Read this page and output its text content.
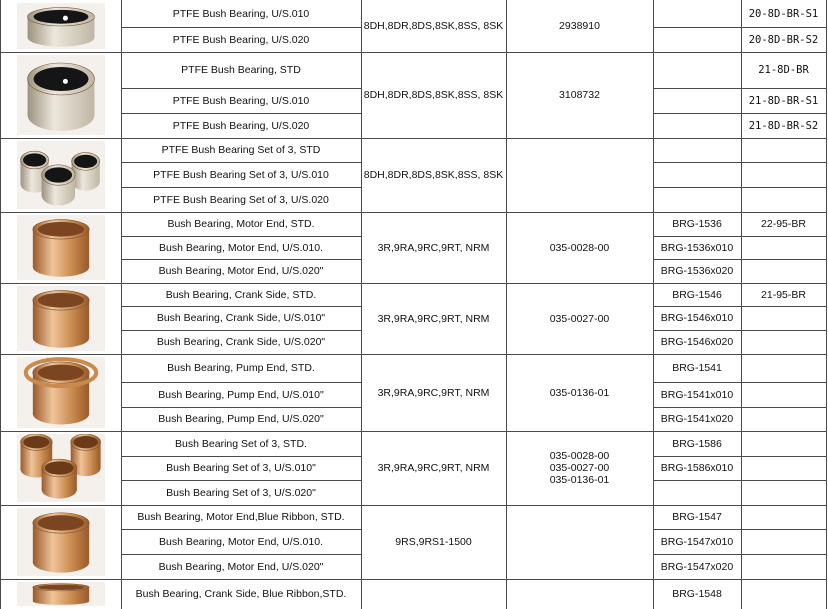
8DH,8DR,8DS,8SK,8SS, 8SK	2938910
PTFE Bush Bearing, U/S.010	20-8D-BR-S1
PTFE Bush Bearing, U/S.020	20-8D-BR-S2
8DH,8DR,8DS,8SK,8SS, 8SK	3108732
PTFE Bush Bearing, STD	21-8D-BR
PTFE Bush Bearing, U/S.010	21-8D-BR-S1
PTFE Bush Bearing, U/S.020	21-8D-BR-S2
8DH,8DR,8DS,8SK,8SS, 8SK
PTFE Bush Bearing Set of 3, STD
PTFE Bush Bearing Set of 3, U/S.010
PTFE Bush Bearing Set of 3, U/S.020
3R,9RA,9RC,9RT, NRM	035-0028-00
Bush Bearing, Motor End, STD.	BRG-1536	22-95-BR
Bush Bearing, Motor End, U/S.010.	BRG-1536x010
Bush Bearing, Motor End, U/S.020"	BRG-1536x020
3R,9RA,9RC,9RT, NRM	035-0027-00
Bush Bearing, Crank Side, STD.	BRG-1546	21-95-BR
Bush Bearing, Crank Side, U/S.010"	BRG-1546x010
Bush Bearing, Crank Side, U/S.020"	BRG-1546x020
3R,9RA,9RC,9RT, NRM	035-0136-01
Bush Bearing, Pump End, STD.	BRG-1541
Bush Bearing, Pump End, U/S.010"	BRG-1541x010
Bush Bearing, Pump End, U/S.020"	BRG-1541x020
3R,9RA,9RC,9RT, NRM
035-0028-00
035-0027-00
035-0136-01
Bush Bearing Set of 3, STD.	BRG-1586
Bush Bearing Set of 3, U/S.010"	BRG-1586x010
Bush Bearing Set of 3, U/S.020"
9RS,9RS1-1500
Bush Bearing, Motor End,Blue Ribbon, STD.	BRG-1547
Bush Bearing, Motor End, U/S.010.	BRG-1547x010
Bush Bearing, Motor End, U/S.020"	BRG-1547x020
Bush Bearing, Crank Side, Blue Ribbon,STD.	BRG-1548
